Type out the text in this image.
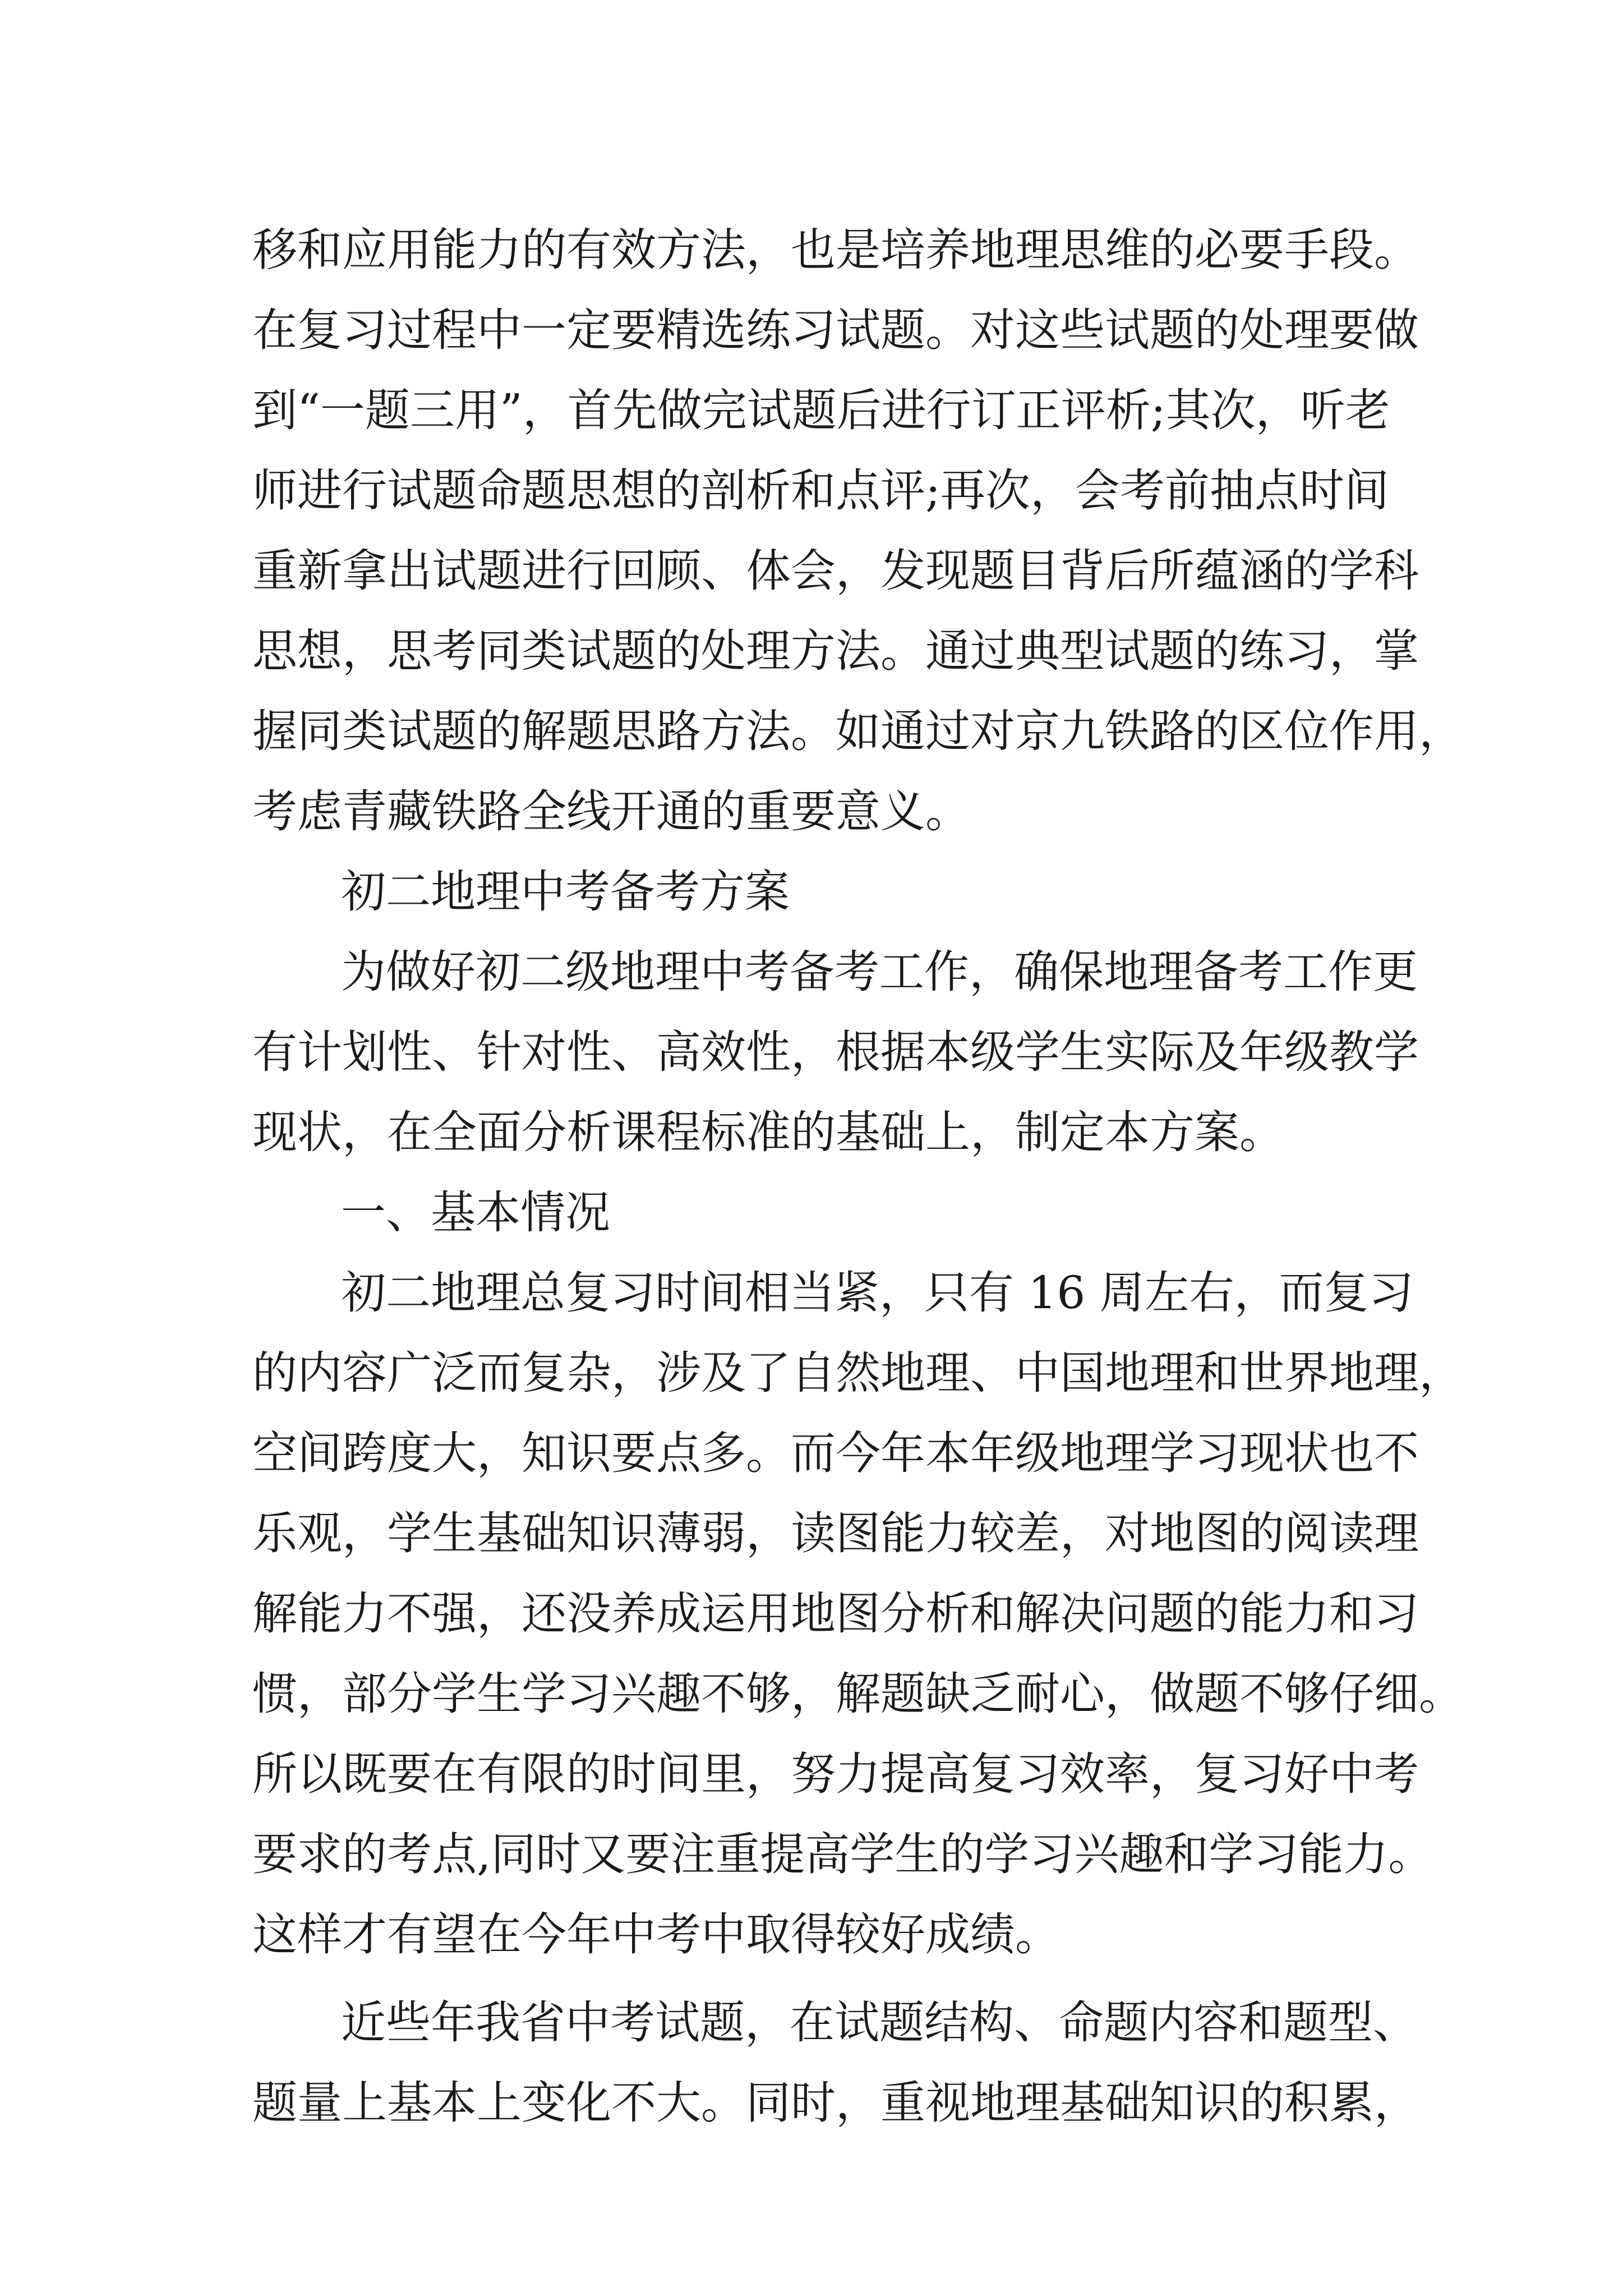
移和应用能力的有效方法，也是培养地理思维的必要手段。

在复习过程中一定要精选练习试题。对这些试题的处理要做

到“一题三用”，首先做完试题后进行订正评析;其次，听老

师进行试题命题思想的剖析和点评;再次，会考前抽点时间

重新拿出试题进行回顾、体会，发现题目背后所蕴涵的学科

思想，思考同类试题的处理方法。通过典型试题的练习，掌

握同类试题的解题思路方法。如通过对京九铁路的区位作用，

考虑青藏铁路全线开通的重要意义。

初二地理中考备考方案

为做好初二级地理中考备考工作，确保地理备考工作更

有计划性、针对性、高效性，根据本级学生实际及年级教学

现状，在全面分析课程标准的基础上，制定本方案。

一、基本情况

初二地理总复习时间相当紧，只有 16 周左右，而复习

的内容广泛而复杂，涉及了自然地理、中国地理和世界地理，

空间跨度大，知识要点多。而今年本年级地理学习现状也不

乐观，学生基础知识薄弱，读图能力较差，对地图的阅读理

解能力不强，还没养成运用地图分析和解决问题的能力和习

惯，部分学生学习兴趣不够，解题缺乏耐心，做题不够仔细。

所以既要在有限的时间里，努力提高复习效率，复习好中考

要求的考点,同时又要注重提高学生的学习兴趣和学习能力。

这样才有望在今年中考中取得较好成绩。

近些年我省中考试题，在试题结构、命题内容和题型、

题量上基本上变化不大。同时，重视地理基础知识的积累，
